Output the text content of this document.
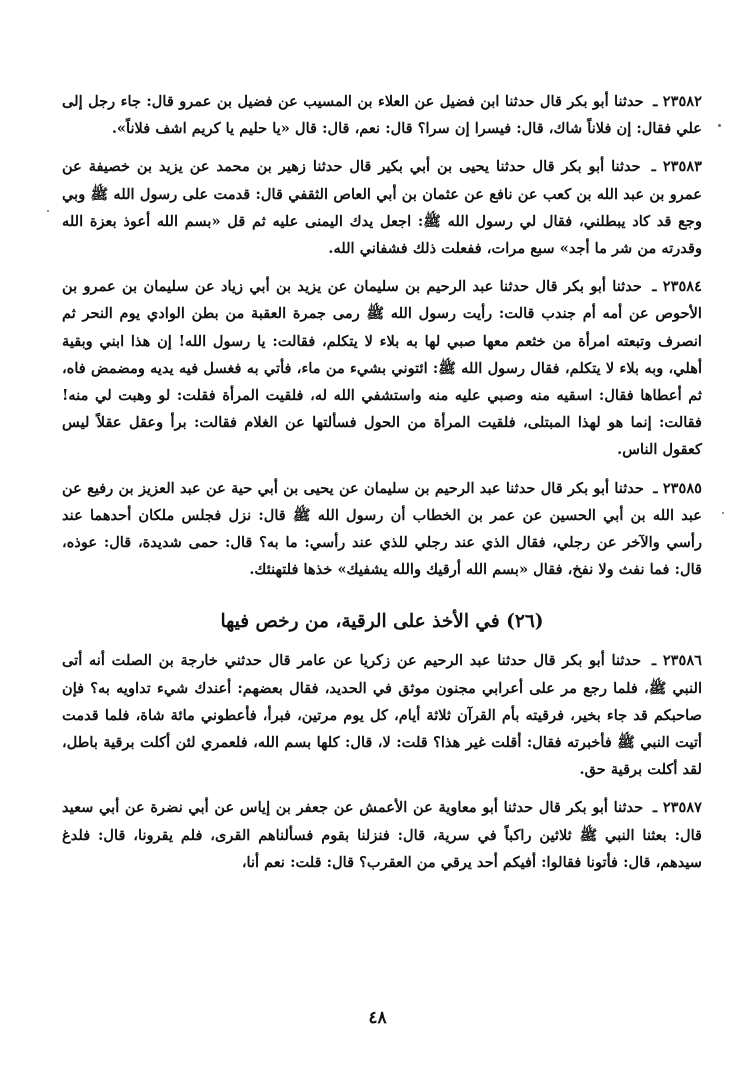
٢٣٥٨٢ ـ حدثنا أبو بكر قال حدثنا ابن فضيل عن العلاء بن المسيب عن فضيل بن عمرو قال: جاء رجل إلى علي فقال: إن فلاناً شاك، قال: فيسرا إن سرا؟ قال: نعم، قال: قال «يا حليم يا كريم اشف فلاناً».

٢٣٥٨٣ ـ حدثنا أبو بكر قال حدثنا يحيى بن أبي بكير قال حدثنا زهير بن محمد عن يزيد بن خصيفة عن عمرو بن عبد الله بن كعب عن نافع عن عثمان بن أبي العاص الثقفي قال: قدمت على رسول الله ﷺ وبي وجع قد كاد يبطلني، فقال لي رسول الله ﷺ: اجعل يدك اليمنى عليه ثم قل «بسم الله أعوذ بعزة الله وقدرته من شر ما أجد» سبع مرات، ففعلت ذلك فشفاني الله.

٢٣٥٨٤ ـ حدثنا أبو بكر قال حدثنا عبد الرحيم بن سليمان عن يزيد بن أبي زياد عن سليمان بن عمرو بن الأحوص عن أمه أم جندب قالت: رأيت رسول الله ﷺ رمى جمرة العقبة من بطن الوادي يوم النحر ثم انصرف وتبعته امرأة من خثعم معها صبي لها به بلاء لا يتكلم، فقالت: يا رسول الله! إن هذا ابني وبقية أهلي، وبه بلاء لا يتكلم، فقال رسول الله ﷺ: ائتوني بشيء من ماء، فأتي به فغسل فيه يديه ومضمض فاه، ثم أعطاها فقال: اسقيه منه وصبي عليه منه واستشفي الله له، فلقيت المرأة فقلت: لو وهبت لي منه! فقالت: إنما هو لهذا المبتلى، فلقيت المرأة من الحول فسألتها عن الغلام فقالت: برأ وعقل عقلاً ليس كعقول الناس.

٢٣٥٨٥ ـ حدثنا أبو بكر قال حدثنا عبد الرحيم بن سليمان عن يحيى بن أبي حية عن عبد العزيز بن رفيع عن عبد الله بن أبي الحسين عن عمر بن الخطاب أن رسول الله ﷺ قال: نزل فجلس ملكان أحدهما عند رأسي والآخر عن رجلي، فقال الذي عند رجلي للذي عند رأسي: ما به؟ قال: حمى شديدة، قال: عوذه، قال: فما نفث ولا نفخ، فقال «بسم الله أرقيك والله يشفيك» خذها فلتهنئك.

(٢٦) في الأخذ على الرقية، من رخص فيها

٢٣٥٨٦ ـ حدثنا أبو بكر قال حدثنا عبد الرحيم عن زكريا عن عامر قال حدثني خارجة بن الصلت أنه أتى النبي ﷺ، فلما رجع مر على أعرابي مجنون موثق في الحديد، فقال بعضهم: أعندك شيء تداويه به؟ فإن صاحبكم قد جاء بخير، فرقيته بأم القرآن ثلاثة أيام، كل يوم مرتين، فبرأ، فأعطوني مائة شاة، فلما قدمت أتيت النبي ﷺ فأخبرته فقال: أقلت غير هذا؟ قلت: لا، قال: كلها بسم الله، فلعمري لئن أكلت برقية باطل، لقد أكلت برقية حق.

٢٣٥٨٧ ـ حدثنا أبو بكر قال حدثنا أبو معاوية عن الأعمش عن جعفر بن إياس عن أبي نضرة عن أبي سعيد قال: بعثنا النبي ﷺ ثلاثين راكباً في سرية، قال: فنزلنا بقوم فسألناهم القرى، فلم يقرونا، قال: فلدغ سيدهم، قال: فأتونا فقالوا: أفيكم أحد يرقي من العقرب؟ قال: قلت: نعم أنا،

٤٨
